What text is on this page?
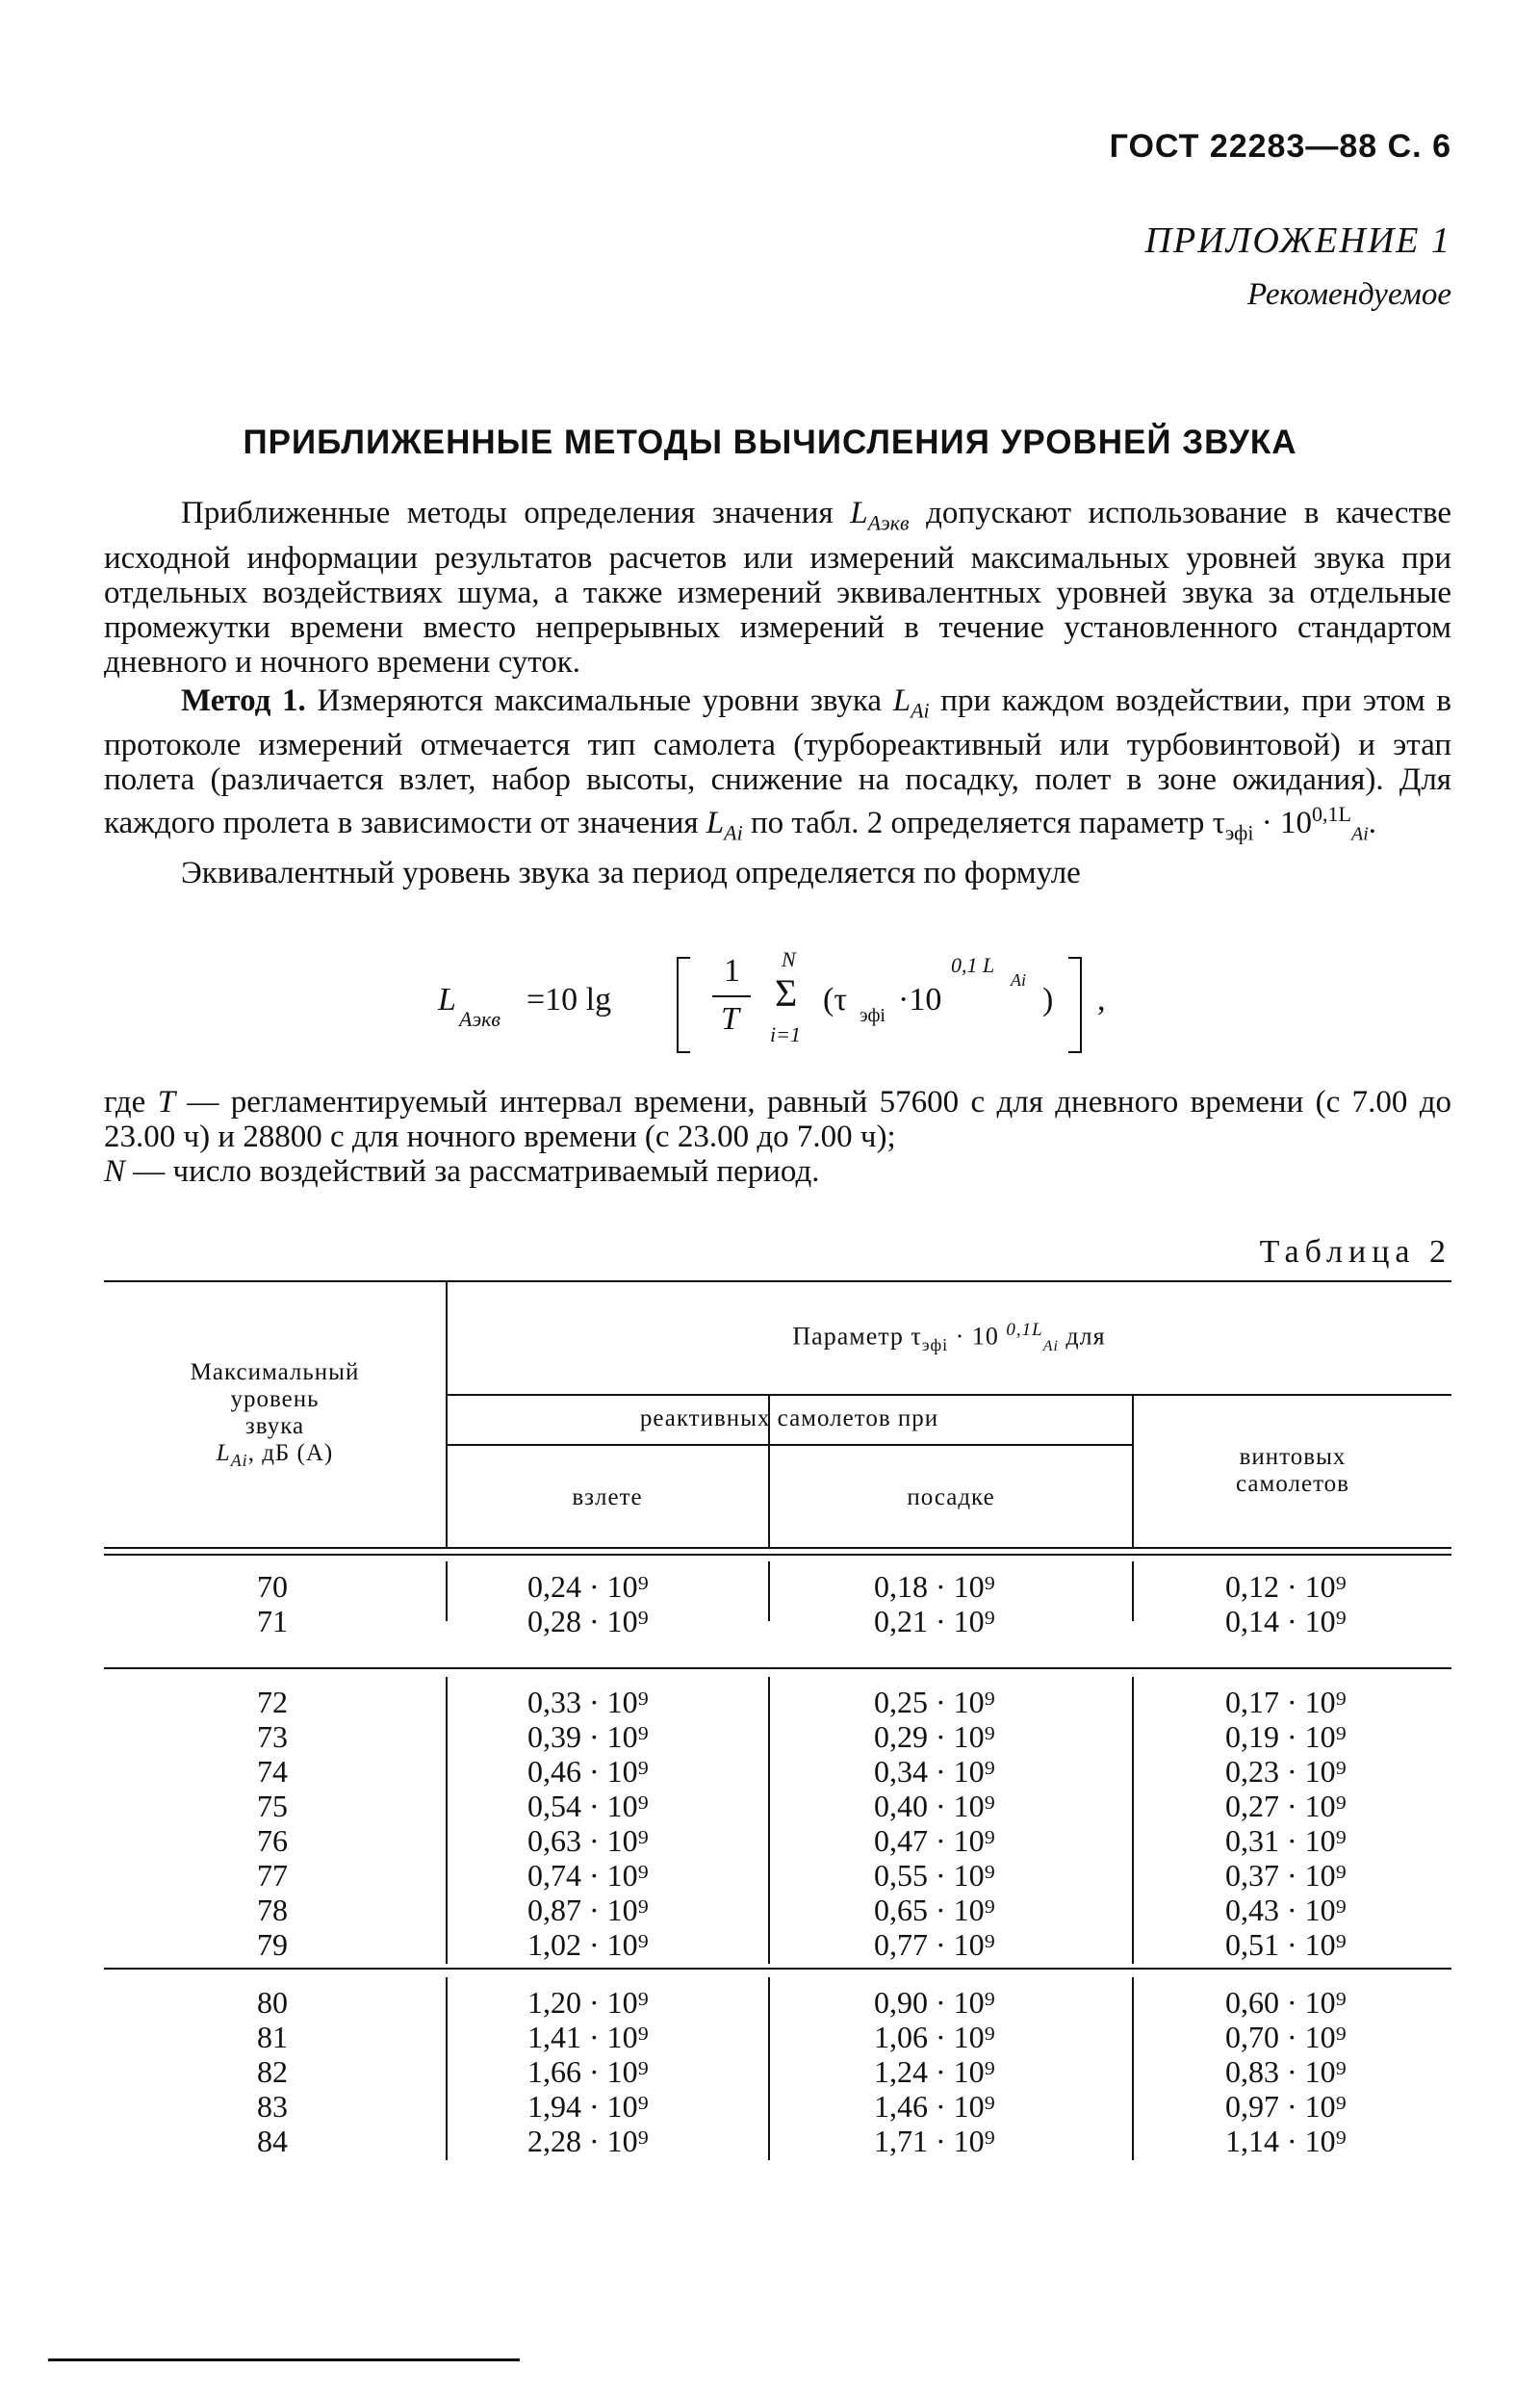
ГОСТ 22283—88 С. 6
ПРИЛОЖЕНИЕ 1
Рекомендуемое
ПРИБЛИЖЕННЫЕ МЕТОДЫ ВЫЧИСЛЕНИЯ УРОВНЕЙ ЗВУКА

Приближенные методы определения значения $L_{Aэкв}$ допускают использование в качестве исходной информации результатов расчетов или измерений максимальных уровней звука при отдельных воздействиях шума, а также измерений эквивалентных уровней звука за отдельные промежутки времени вместо непрерывных измерений в течение установленного стандартом дневного и ночного времени суток.

Метод 1. Измеряются максимальные уровни звука $L_{Ai}$ при каждом воздействии, при этом в протоколе измерений отмечается тип самолета (турбореактивный или турбовинтовой) и этап полета (различается взлет, набор высоты, снижение на посадку, полет в зоне ожидания). Для каждого пролета в зависимости от значения $L_{Ai}$ по табл. 2 определяется параметр $\tau_{эфi} \cdot 10^{0,1L}_{Ai}$.

Эквивалентный уровень звука за период определяется по формуле

L
Aэкв
=10 lg
1
T
N
Σ
i=1
(τ эфi ·10
0,1 L
Ai
) ,

где T — регламентируемый интервал времени, равный 57600 с для дневного времени (с 7.00 до 23.00 ч) и 28800 с для ночного времени (с 23.00 до 7.00 ч);

N — число воздействий за рассматриваемый период.

Таблица 2
Максимальный
уровень
звука
$L_{Ai}$, дБ (A)
Параметр $\tau_{эфi} \cdot 10$ $^{0,1L}_{Ai}$ для
реактивных самолетов при
взлете	посадке
винтовых
самолетов
70	0,24 · 10⁹	0,18 · 10⁹	0,12 · 10⁹
71	0,28 · 10⁹	0,21 · 10⁹	0,14 · 10⁹
72	0,33 · 10⁹	0,25 · 10⁹	0,17 · 10⁹
73	0,39 · 10⁹	0,29 · 10⁹	0,19 · 10⁹
74	0,46 · 10⁹	0,34 · 10⁹	0,23 · 10⁹
75	0,54 · 10⁹	0,40 · 10⁹	0,27 · 10⁹
76	0,63 · 10⁹	0,47 · 10⁹	0,31 · 10⁹
77	0,74 · 10⁹	0,55 · 10⁹	0,37 · 10⁹
78	0,87 · 10⁹	0,65 · 10⁹	0,43 · 10⁹
79	1,02 · 10⁹	0,77 · 10⁹	0,51 · 10⁹
80	1,20 · 10⁹	0,90 · 10⁹	0,60 · 10⁹
81	1,41 · 10⁹	1,06 · 10⁹	0,70 · 10⁹
82	1,66 · 10⁹	1,24 · 10⁹	0,83 · 10⁹
83	1,94 · 10⁹	1,46 · 10⁹	0,97 · 10⁹
84	2,28 · 10⁹	1,71 · 10⁹	1,14 · 10⁹
